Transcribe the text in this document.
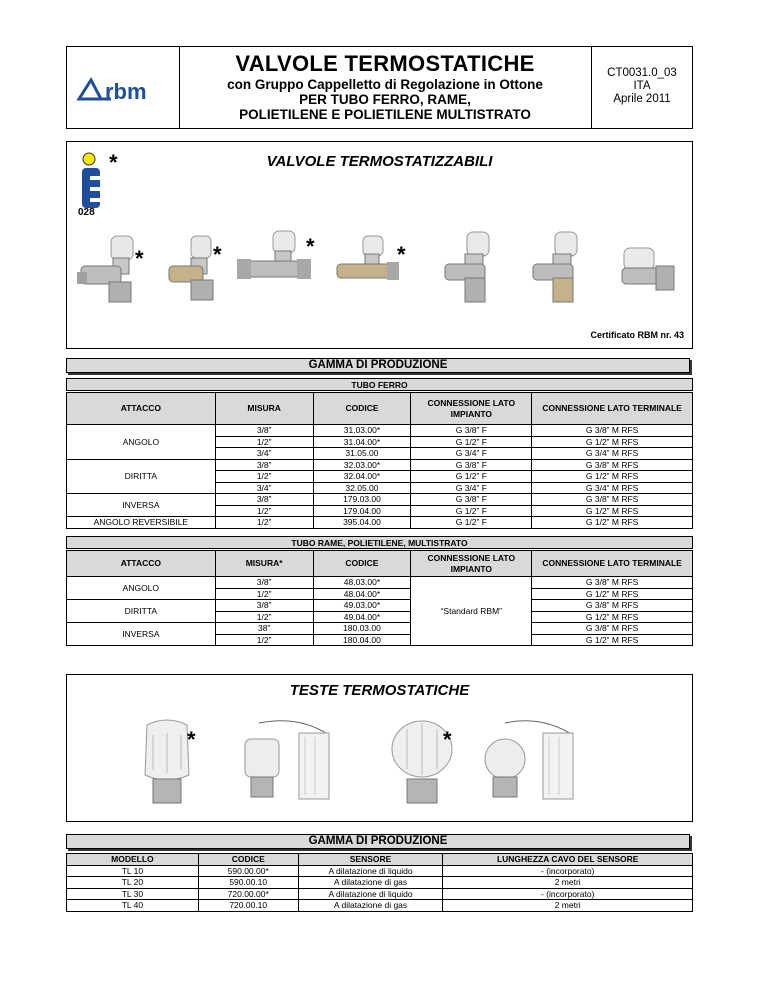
rbm
VALVOLE TERMOSTATICHE
con Gruppo Cappelletto di Regolazione in Ottone
PER TUBO FERRO, RAME,
POLIETILENE E POLIETILENE MULTISTRATO
CT0031.0_03
ITA
Aprile 2011
VALVOLE TERMOSTATIZZABILI
*
028
*	*	*	*
Certificato RBM nr. 43
GAMMA DI PRODUZIONE
TUBO FERRO
ATTACCO	MISURA	CODICE	CONNESSIONE LATO IMPIANTO	CONNESSIONE LATO TERMINALE
ANGOLO	3/8”	31.03.00*	G 3/8” F	G 3/8” M RFS
	1/2”	31.04.00*	G 1/2” F	G 1/2” M RFS
	3/4”	31.05.00	G 3/4” F	G 3/4” M RFS
DIRITTA	3/8”	32.03.00*	G 3/8” F	G 3/8” M RFS
	1/2”	32.04.00*	G 1/2” F	G 1/2” M RFS
	3/4”	32.05.00	G 3/4” F	G 3/4” M RFS
INVERSA	3/8”	179.03.00	G 3/8” F	G 3/8” M RFS
	1/2”	179.04.00	G 1/2” F	G 1/2” M RFS
ANGOLO REVERSIBILE	1/2”	395.04.00	G 1/2” F	G 1/2” M RFS
TUBO RAME, POLIETILENE, MULTISTRATO
ATTACCO	MISURA*	CODICE	CONNESSIONE LATO IMPIANTO	CONNESSIONE LATO TERMINALE
ANGOLO	3/8”	48.03.00*	“Standard RBM”	G 3/8” M RFS
	1/2”	48.04.00*		G 1/2” M RFS
DIRITTA	3/8”	49.03.00*		G 3/8” M RFS
	1/2”	49.04.00*		G 1/2” M RFS
INVERSA	38”	180.03.00		G 3/8” M RFS
	1/2”	180.04.00		G 1/2” M RFS
TESTE TERMOSTATICHE
*	*
GAMMA DI PRODUZIONE
MODELLO	CODICE	SENSORE	LUNGHEZZA CAVO DEL SENSORE
TL 10	590.00.00*	A dilatazione di liquido	- (incorporato)
TL 20	590.00.10	A dilatazione di gas	2 metri
TL 30	720.00.00*	A dilatazione di liquido	- (incorporato)
TL 40	720.00.10	A dilatazione di gas	2 metri
